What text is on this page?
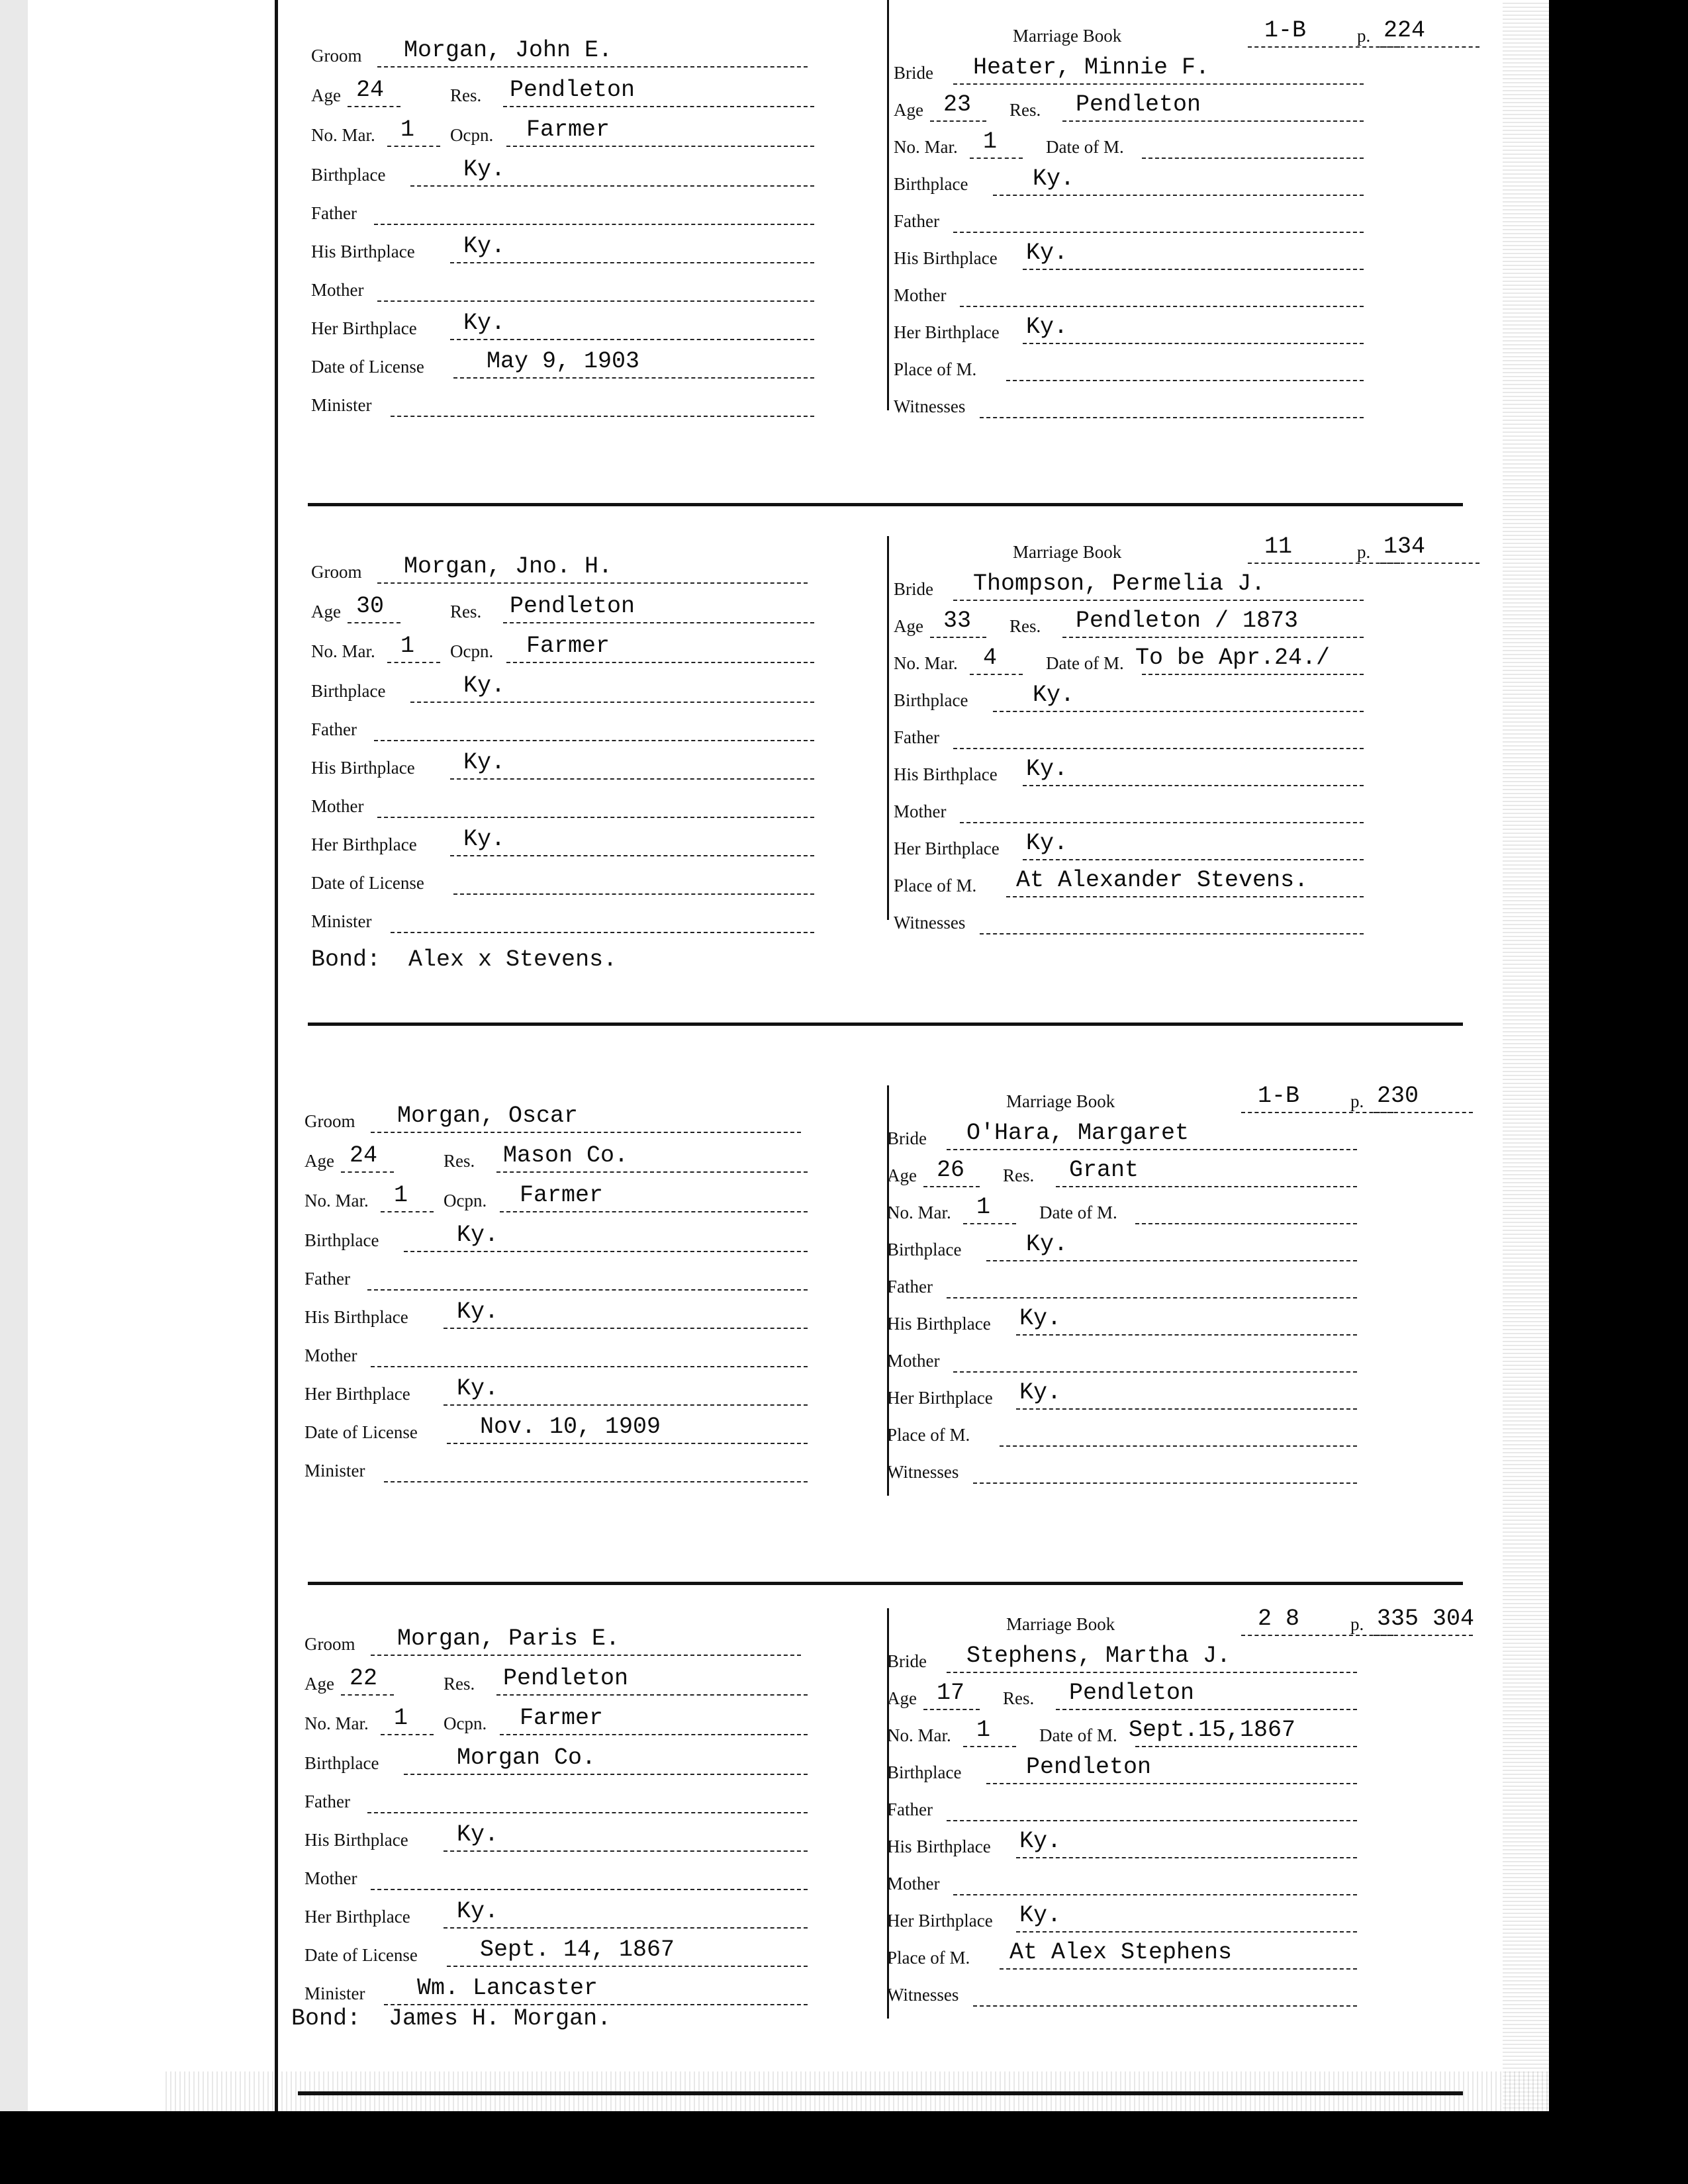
Groom Morgan, John E.
Age 24	Res. Pendleton
No. Mar. 1 Ocpn. Farmer
Birthplace	Ky.
Father
His Birthplace Ky.
Mother
Her Birthplace Ky.
Date of License	May 9, 1903
Minister
Marriage Book	1-B	p. 224
Bride Heater, Minnie F.
Age 23 Res. Pendleton
No. Mar. 1	Date of M.
Birthplace	Ky.
Father
His Birthplace Ky.
Mother
Her Birthplace Ky.
Place of M.
Witnesses
Groom Morgan, Jno. H.
Age 30	Res. Pendleton
No. Mar. 1 Ocpn. Farmer
Birthplace	Ky.
Father
His Birthplace Ky.
Mother
Her Birthplace Ky.
Date of License
Minister
Marriage Book	11	p. 134
Bride Thompson, Permelia J.
Age 33 Res. Pendleton / 1873
No. Mar. 4	Date of M. To be Apr.24./
Birthplace	Ky.
Father
His Birthplace Ky.
Mother
Her Birthplace Ky.
Place of M. At Alexander Stevens.
Witnesses
Bond:  Alex x Stevens.
Groom Morgan, Oscar
Age 24	Res. Mason Co.
No. Mar. 1 Ocpn. Farmer
Birthplace	Ky.
Father
His Birthplace Ky.
Mother
Her Birthplace Ky.
Date of License	Nov. 10, 1909
Minister
Marriage Book	1-B	p. 230
Bride O'Hara, Margaret
Age 26 Res. Grant
No. Mar. 1	Date of M.
Birthplace	Ky.
Father
His Birthplace Ky.
Mother
Her Birthplace Ky.
Place of M.
Witnesses
Groom Morgan, Paris E.
Age 22	Res. Pendleton
No. Mar. 1 Ocpn. Farmer
Birthplace	Morgan Co.
Father
His Birthplace Ky.
Mother
Her Birthplace Ky.
Date of License	Sept. 14, 1867
Minister Wm. Lancaster
Marriage Book	2 8	p. 335 304
Bride Stephens, Martha J.
Age 17 Res. Pendleton
No. Mar. 1	Date of M. Sept.15,1867
Birthplace	Pendleton
Father
His Birthplace Ky.
Mother
Her Birthplace Ky.
Place of M. At Alex Stephens
Witnesses
Bond:  James H. Morgan.
